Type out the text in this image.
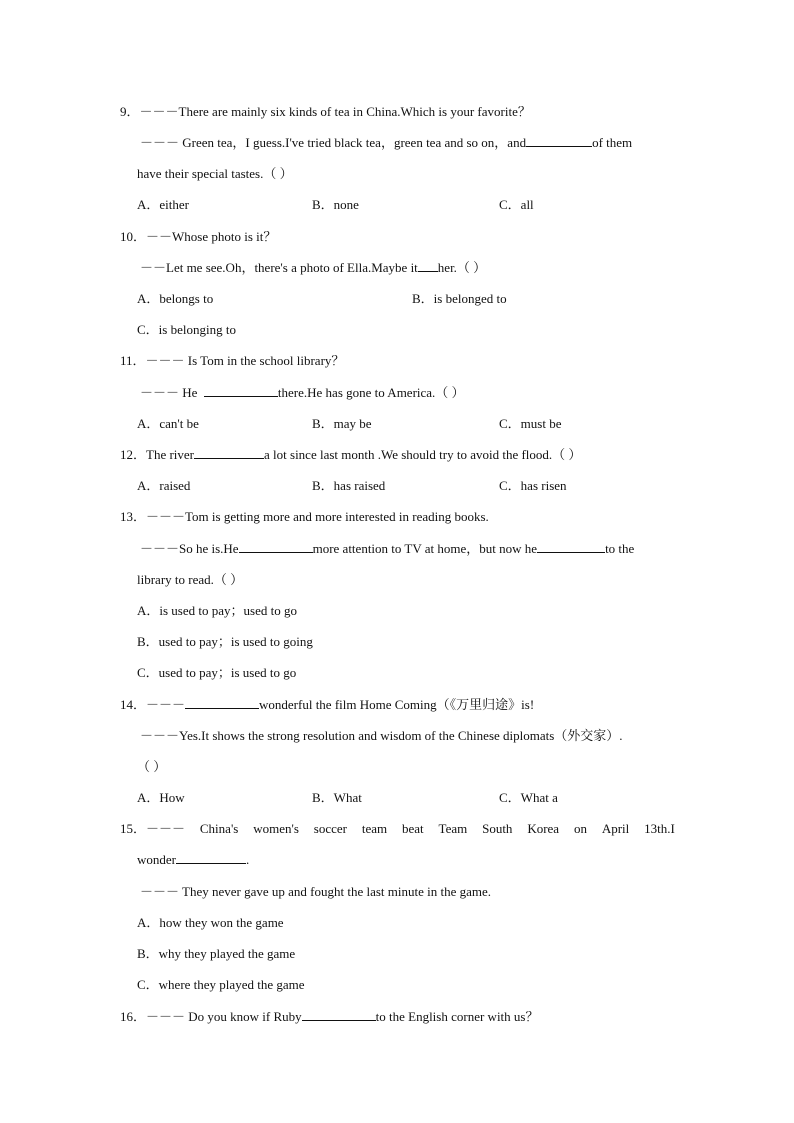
9．－－－There are mainly six kinds of tea in China.Which is your favorite？
－－－ Green tea，I guess.I've tried black tea，green tea and so on，and	of them
have their special tastes.（ ）
A．either	B．none	C．all
10．－－Whose photo is it？
－－Let me see.Oh，there's a photo of Ella.Maybe it her.（ ）
A．belongs to	B．is belonged to
C．is belonging to
11．－－－ Is Tom in the school library？
－－－ He	there.He has gone to America.（ ）
A．can't be	B．may be	C．must be
12．The river	a lot since last month .We should try to avoid the flood.（ ）
A．raised	B．has raised	C．has risen
13．－－－Tom is getting more and more interested in reading books.
－－－So he is.He	more attention to TV at home，but now he	to the
library to read.（ ）
A．is used to pay；used to go
B．used to pay；is used to going
C．used to pay；is used to go
14．－－－	wonderful the film Home Coming（《万里归途》is!
－－－Yes.It shows the strong resolution and wisdom of the Chinese diplomats（外交家）.
（ ）
A．How	B．What	C．What a
15．－－－ China's women's soccer team beat Team South Korea on April 13th.I
wonder	.
－－－ They never gave up and fought the last minute in the game.
A．how they won the game
B．why they played the game
C．where they played the game
16．－－－ Do you know if Ruby	to the English corner with us？
